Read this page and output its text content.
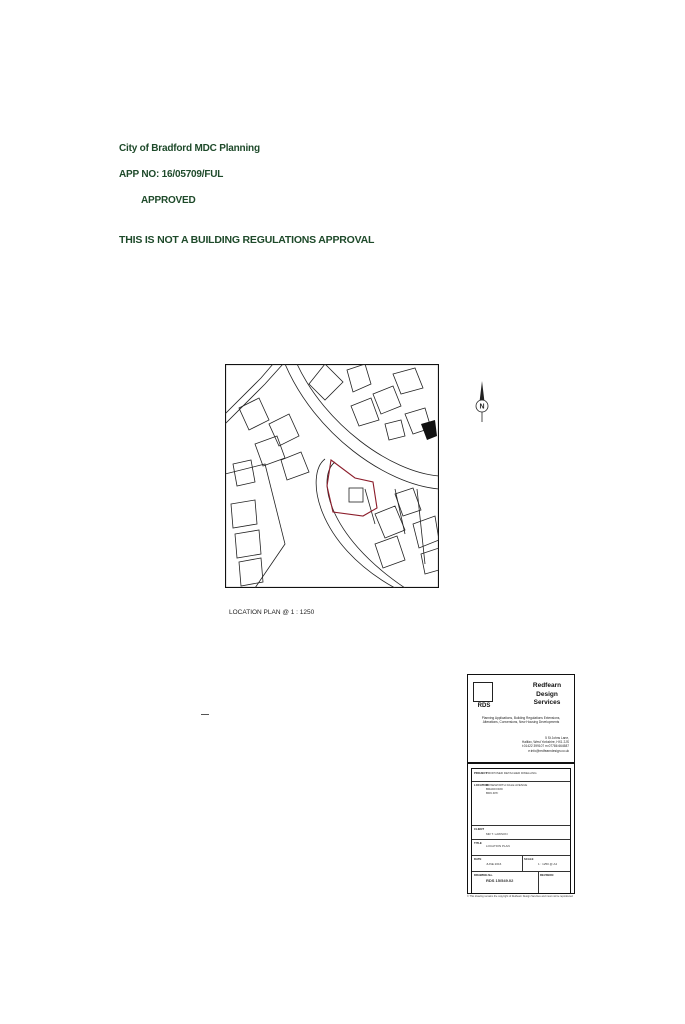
City of Bradford MDC Planning
APP NO: 16/05709/FUL
APPROVED
THIS IS NOT A BUILDING REGULATIONS APPROVAL
N
LOCATION PLAN @ 1 : 1250
RDS
Redfearn
Design
Services
Planning Applications, Building Regulations Extensions, Alterations, Conversions, New Housing Developments
5 St Johns Lane,
Halifax, West Yorkshire, HX1 2JS
t:01422 399107 m:07786 664587
e:info@redfearndesign.co.uk
PROJECT
PROPOSED DETACHED DWELLING
LOCATION
ROSEWORTH DALE AVENUE
BRADFORD
BD9 4PF
CLIENT
MR T. LAWSON
TITLE
LOCATION PLAN
DATE
JUNE 2016
SCALE
1 : 1250 @ A4
DRAWING No.
RDS 15/549.02
REVISION
© This drawing remains the copyright of Redfearn Design Services and must not be reproduced
